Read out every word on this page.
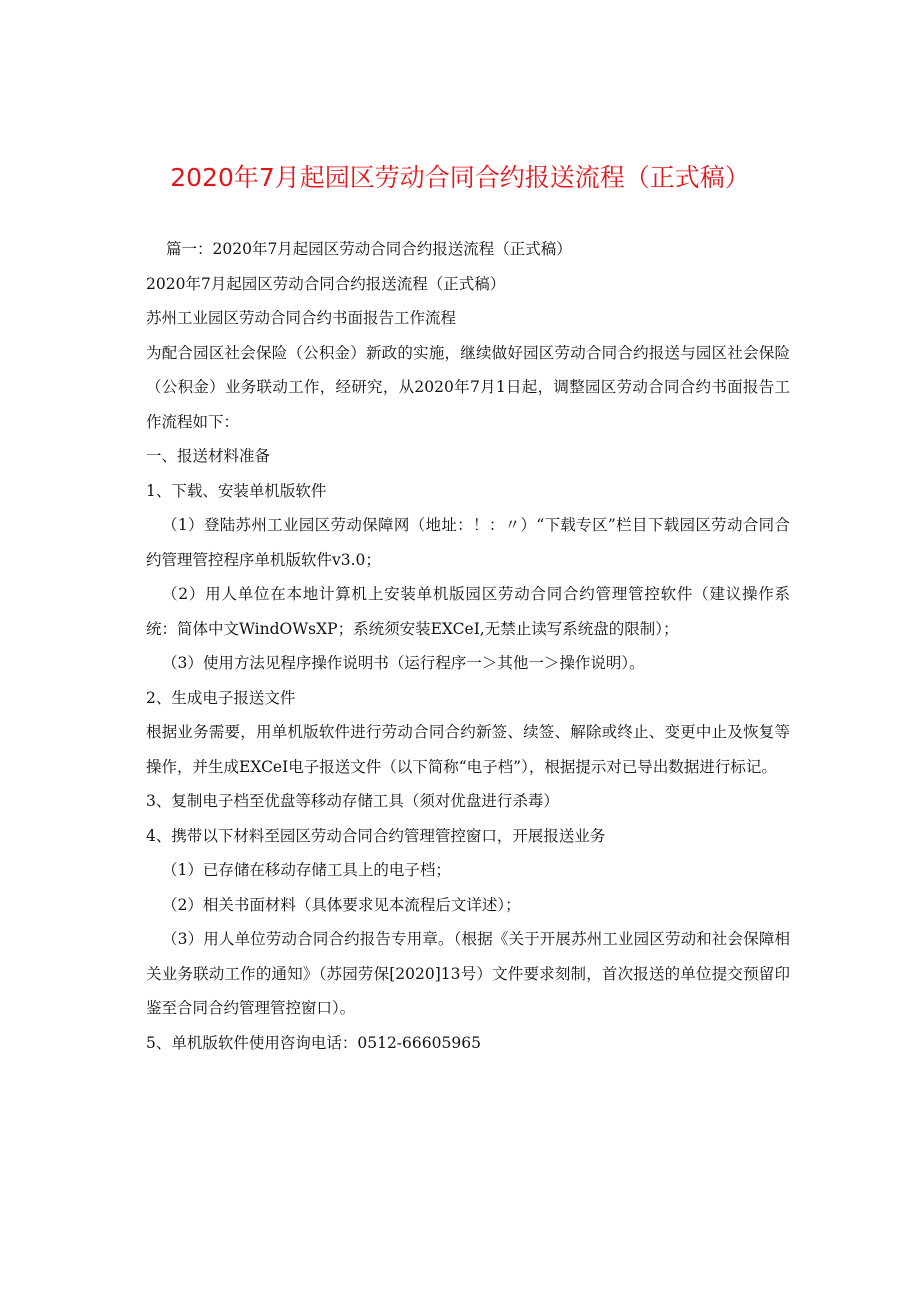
2020年7月起园区劳动合同合约报送流程（正式稿）

篇一：2020年7月起园区劳动合同合约报送流程（正式稿）

2020年7月起园区劳动合同合约报送流程（正式稿）

苏州工业园区劳动合同合约书面报告工作流程

为配合园区社会保险（公积金）新政的实施，继续做好园区劳动合同合约报送与园区社会保险（公积金）业务联动工作，经研究，从2020年7月1日起，调整园区劳动合同合约书面报告工作流程如下：

一、报送材料准备

1、下载、安装单机版软件

（1）登陆苏州工业园区劳动保障网（地址：！：〃）“下载专区”栏目下载园区劳动合同合约管理管控程序单机版软件v3.0；

（2）用人单位在本地计算机上安装单机版园区劳动合同合约管理管控软件（建议操作系统：简体中文WindOWsXP；系统须安装EXCeI,无禁止读写系统盘的限制）；

（3）使用方法见程序操作说明书（运行程序一＞其他一＞操作说明）。

2、生成电子报送文件

根据业务需要，用单机版软件进行劳动合同合约新签、续签、解除或终止、变更中止及恢复等操作，并生成EXCeI电子报送文件（以下简称“电子档”），根据提示对已导出数据进行标记。

3、复制电子档至优盘等移动存储工具（须对优盘进行杀毒）

4、携带以下材料至园区劳动合同合约管理管控窗口，开展报送业务

（1）已存储在移动存储工具上的电子档；

（2）相关书面材料（具体要求见本流程后文详述）；

（3）用人单位劳动合同合约报告专用章。（根据《关于开展苏州工业园区劳动和社会保障相关业务联动工作的通知》（苏园劳保[2020]13号）文件要求刻制，首次报送的单位提交预留印鉴至合同合约管理管控窗口）。

5、单机版软件使用咨询电话：0512-66605965
